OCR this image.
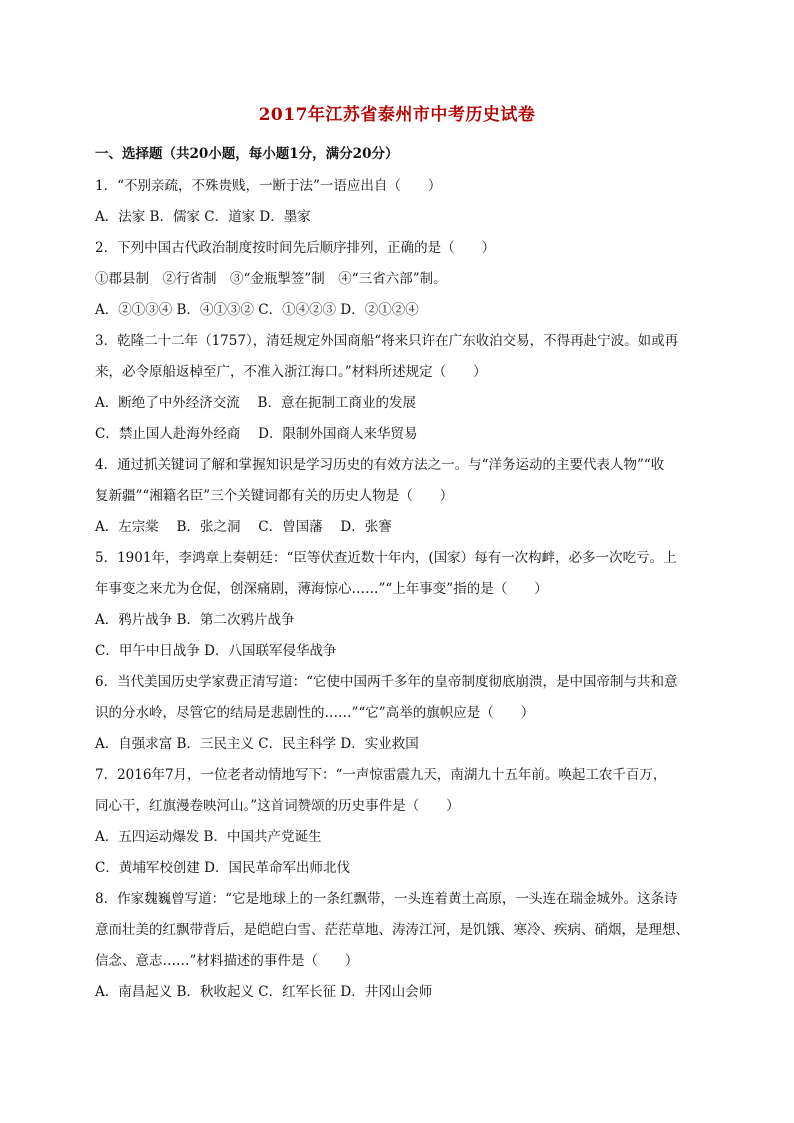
2017年江苏省泰州市中考历史试卷
一、选择题（共20小题，每小题1分，满分20分）
1．“不别亲疏，不殊贵贱，一断于法”一语应出自（　　）
A．法家 B．儒家 C．道家 D．墨家
2．下列中国古代政治制度按时间先后顺序排列，正确的是（　　）
①郡县制　②行省制　③“金瓶掣签”制　④“三省六部”制。
A．②①③④ B．④①③② C．①④②③ D．②①②④
3．乾隆二十二年（1757），清廷规定外国商船“将来只许在广东收泊交易，不得再赴宁波。如或再
来，必令原船返棹至广，不准入浙江海口。”材料所述规定（　　）
A．断绝了中外经济交流　 B．意在扼制工商业的发展
C．禁止国人赴海外经商　 D．限制外国商人来华贸易
4．通过抓关键词了解和掌握知识是学习历史的有效方法之一。与“洋务运动的主要代表人物”“收
复新疆”“湘籍名臣”三个关键词都有关的历史人物是（　　）
A．左宗棠　 B．张之洞　 C．曾国藩　 D．张謇
5．1901年，李鸿章上奏朝廷：“臣等伏查近数十年内，(国家）每有一次构衅，必多一次吃亏。上
年事变之来尤为仓促，创深痛剧，薄海惊心……”“上年事变”指的是（　　）
A．鸦片战争 B．第二次鸦片战争
C．甲午中日战争 D．八国联军侵华战争
6．当代美国历史学家费正清写道：“它使中国两千多年的皇帝制度彻底崩溃，是中国帝制与共和意
识的分水岭，尽管它的结局是悲剧性的……”“它”高举的旗帜应是（　　）
A．自强求富 B．三民主义 C．民主科学 D．实业救国
7．2016年7月，一位老者动情地写下：“一声惊雷震九天，南湖九十五年前。唤起工农千百万，
同心干，红旗漫卷映河山。”这首词赞颂的历史事件是（　　）
A．五四运动爆发 B．中国共产党诞生
C．黄埔军校创建 D．国民革命军出师北伐
8．作家魏巍曾写道：“它是地球上的一条红飘带，一头连着黄土高原，一头连在瑞金城外。这条诗
意而壮美的红飘带背后，是皑皑白雪、茫茫草地、涛涛江河，是饥饿、寒冷、疾病、硝烟，是理想、
信念、意志……”材料描述的事件是（　　）
A．南昌起义 B．秋收起义 C．红军长征 D．井冈山会师
